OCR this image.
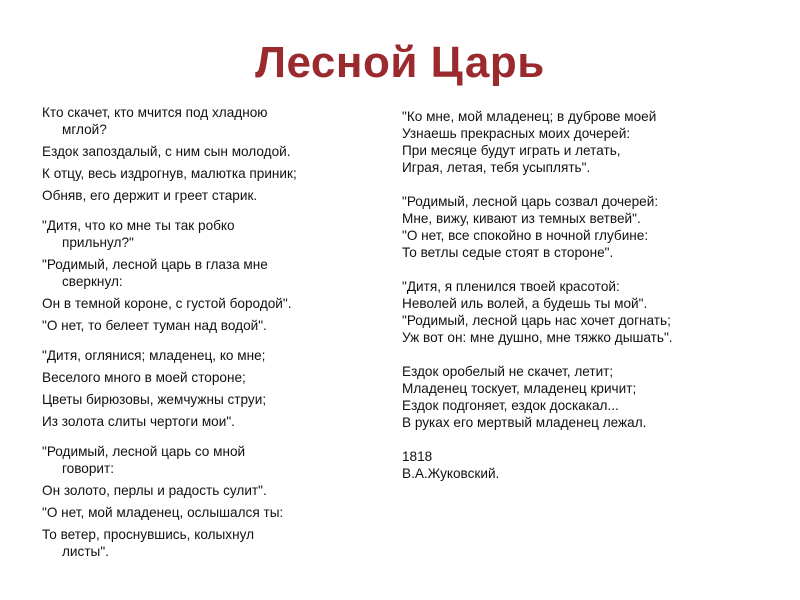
Лесной Царь
Кто скачет, кто мчится под хладною
мглой?
Ездок запоздалый, с ним сын молодой.
К отцу, весь издрогнув, малютка приник;
Обняв, его держит и греет старик.
"Дитя, что ко мне ты так робко
прильнул?"
"Родимый, лесной царь в глаза мне
сверкнул:
Он в темной короне, с густой бородой".
"О нет, то белеет туман над водой".
"Дитя, оглянися; младенец, ко мне;
Веселого много в моей стороне;
Цветы бирюзовы, жемчужны струи;
Из золота слиты чертоги мои".
"Родимый, лесной царь со мной
говорит:
Он золото, перлы и радость сулит".
"О нет, мой младенец, ослышался ты:
То ветер, проснувшись, колыхнул
листы".
"Ко мне, мой младенец; в дуброве моей
Узнаешь прекрасных моих дочерей:
При месяце будут играть и летать,
Играя, летая, тебя усыплять".
"Родимый, лесной царь созвал дочерей:
Мне, вижу, кивают из темных ветвей".
"О нет, все спокойно в ночной глубине:
То ветлы седые стоят в стороне".
"Дитя, я пленился твоей красотой:
Неволей иль волей, а будешь ты мой".
"Родимый, лесной царь нас хочет догнать;
Уж вот он: мне душно, мне тяжко дышать".
Ездок оробелый не скачет, летит;
Младенец тоскует, младенец кричит;
Ездок подгоняет, ездок доскакал...
В руках его мертвый младенец лежал.
1818
В.А.Жуковский.
